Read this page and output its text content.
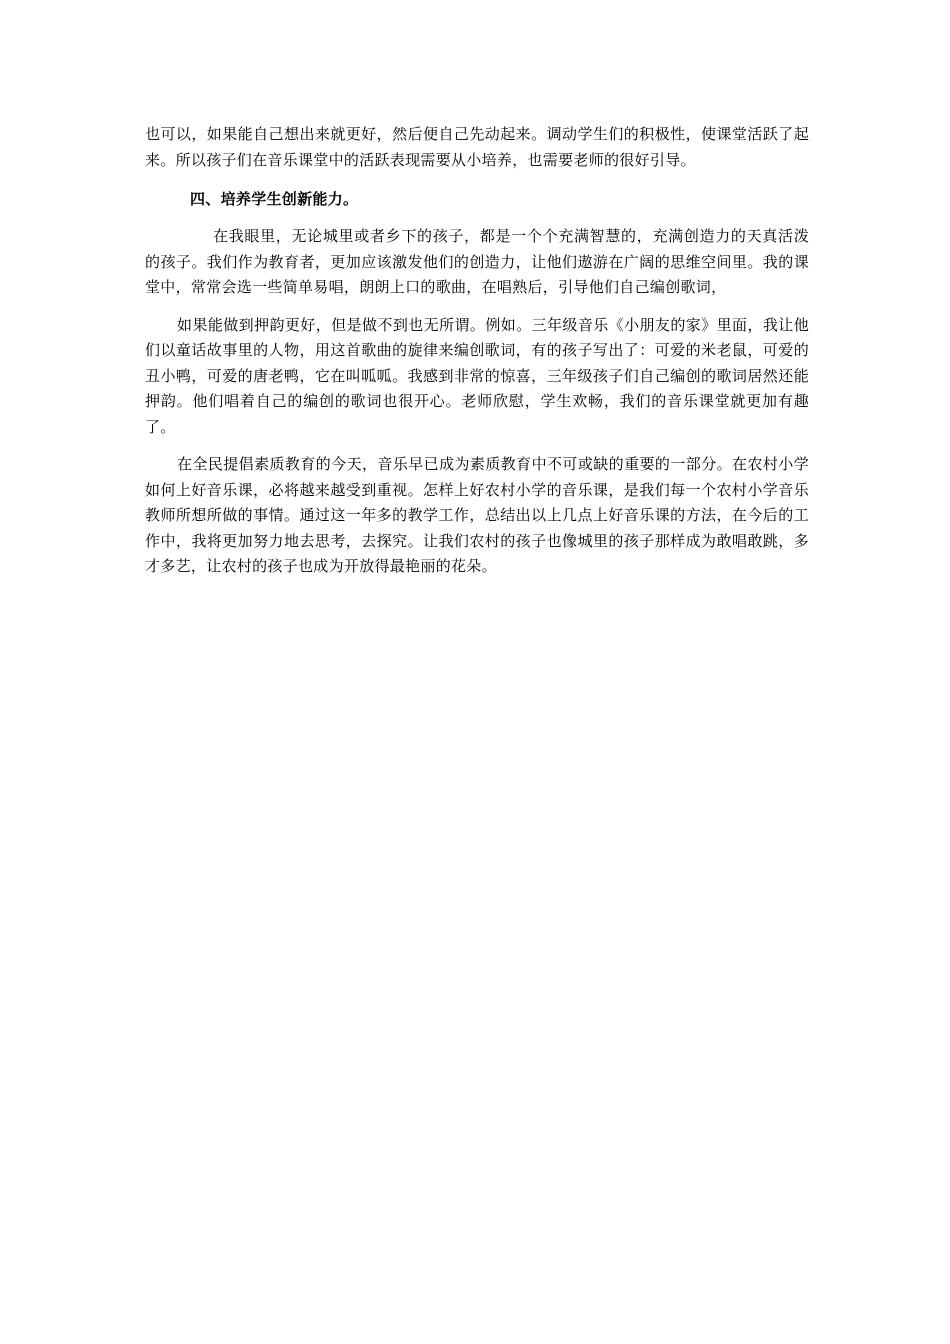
也可以，如果能自己想出来就更好，然后便自己先动起来。调动学生们的积极性，使课堂活跃了起来。所以孩子们在音乐课堂中的活跃表现需要从小培养，也需要老师的很好引导。

四、培养学生创新能力。

在我眼里，无论城里或者乡下的孩子，都是一个个充满智慧的，充满创造力的天真活泼的孩子。我们作为教育者，更加应该激发他们的创造力，让他们遨游在广阔的思维空间里。我的课堂中，常常会选一些简单易唱，朗朗上口的歌曲，在唱熟后，引导他们自己编创歌词，

如果能做到押韵更好，但是做不到也无所谓。例如。三年级音乐《小朋友的家》里面，我让他们以童话故事里的人物，用这首歌曲的旋律来编创歌词，有的孩子写出了：可爱的米老鼠，可爱的丑小鸭，可爱的唐老鸭，它在叫呱呱。我感到非常的惊喜，三年级孩子们自己编创的歌词居然还能押韵。他们唱着自己的编创的歌词也很开心。老师欣慰，学生欢畅，我们的音乐课堂就更加有趣了。

在全民提倡素质教育的今天，音乐早已成为素质教育中不可或缺的重要的一部分。在农村小学如何上好音乐课，必将越来越受到重视。怎样上好农村小学的音乐课，是我们每一个农村小学音乐教师所想所做的事情。通过这一年多的教学工作，总结出以上几点上好音乐课的方法，在今后的工作中，我将更加努力地去思考，去探究。让我们农村的孩子也像城里的孩子那样成为敢唱敢跳，多才多艺，让农村的孩子也成为开放得最艳丽的花朵。
